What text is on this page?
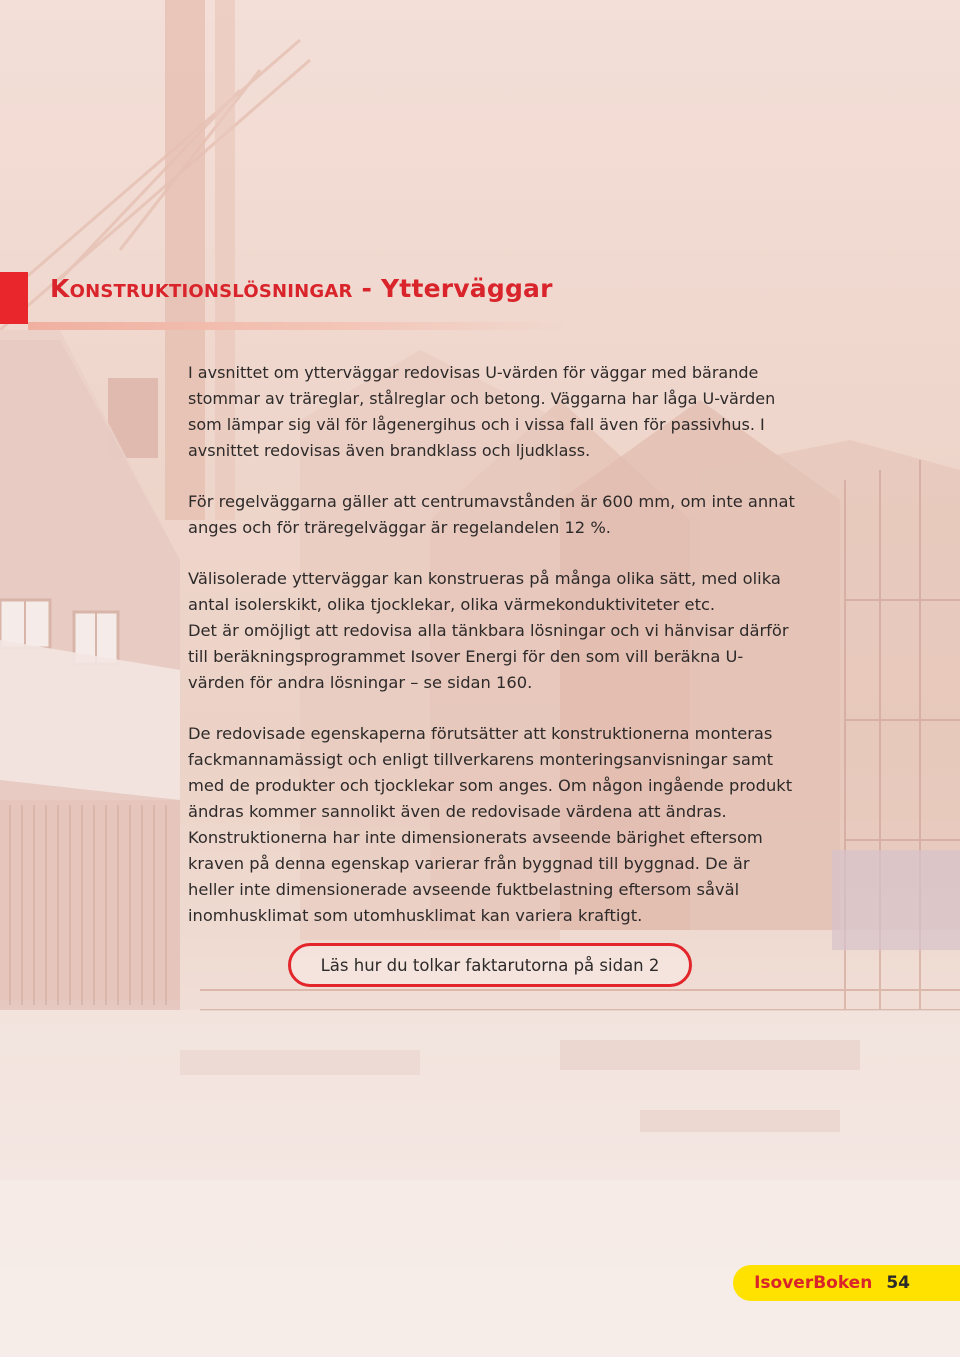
Konstruktionslösningar - Ytterväggar

I avsnittet om ytterväggar redovisas U-värden för väggar med bärande stommar av träreglar, stålreglar och betong. Väggarna har låga U-värden som lämpar sig väl för lågenergihus och i vissa fall även för passivhus. I avsnittet redovisas även brandklass och ljudklass.

För regelväggarna gäller att centrumavstånden är 600 mm, om inte annat anges och för träregelväggar är regelandelen 12 %.

Välisolerade ytterväggar kan konstrueras på många olika sätt, med olika antal isolerskikt, olika tjocklekar, olika värmekonduktiviteter etc.

Det är omöjligt att redovisa alla tänkbara lösningar och vi hänvisar därför till beräkningsprogrammet Isover Energi för den som vill beräkna U-värden för andra lösningar – se sidan 160.

De redovisade egenskaperna förutsätter att konstruktionerna monteras fackmannamässigt och enligt tillverkarens monteringsanvisningar samt med de produkter och tjocklekar som anges. Om någon ingående produkt ändras kommer sannolikt även de redovisade värdena att ändras. Konstruktionerna har inte dimensionerats avseende bärighet eftersom kraven på denna egenskap varierar från byggnad till byggnad. De är heller inte dimensionerade avseende fuktbelastning eftersom såväl inomhusklimat som utomhusklimat kan variera kraftigt.

Läs hur du tolkar faktarutorna på sidan 2
IsoverBoken 54
